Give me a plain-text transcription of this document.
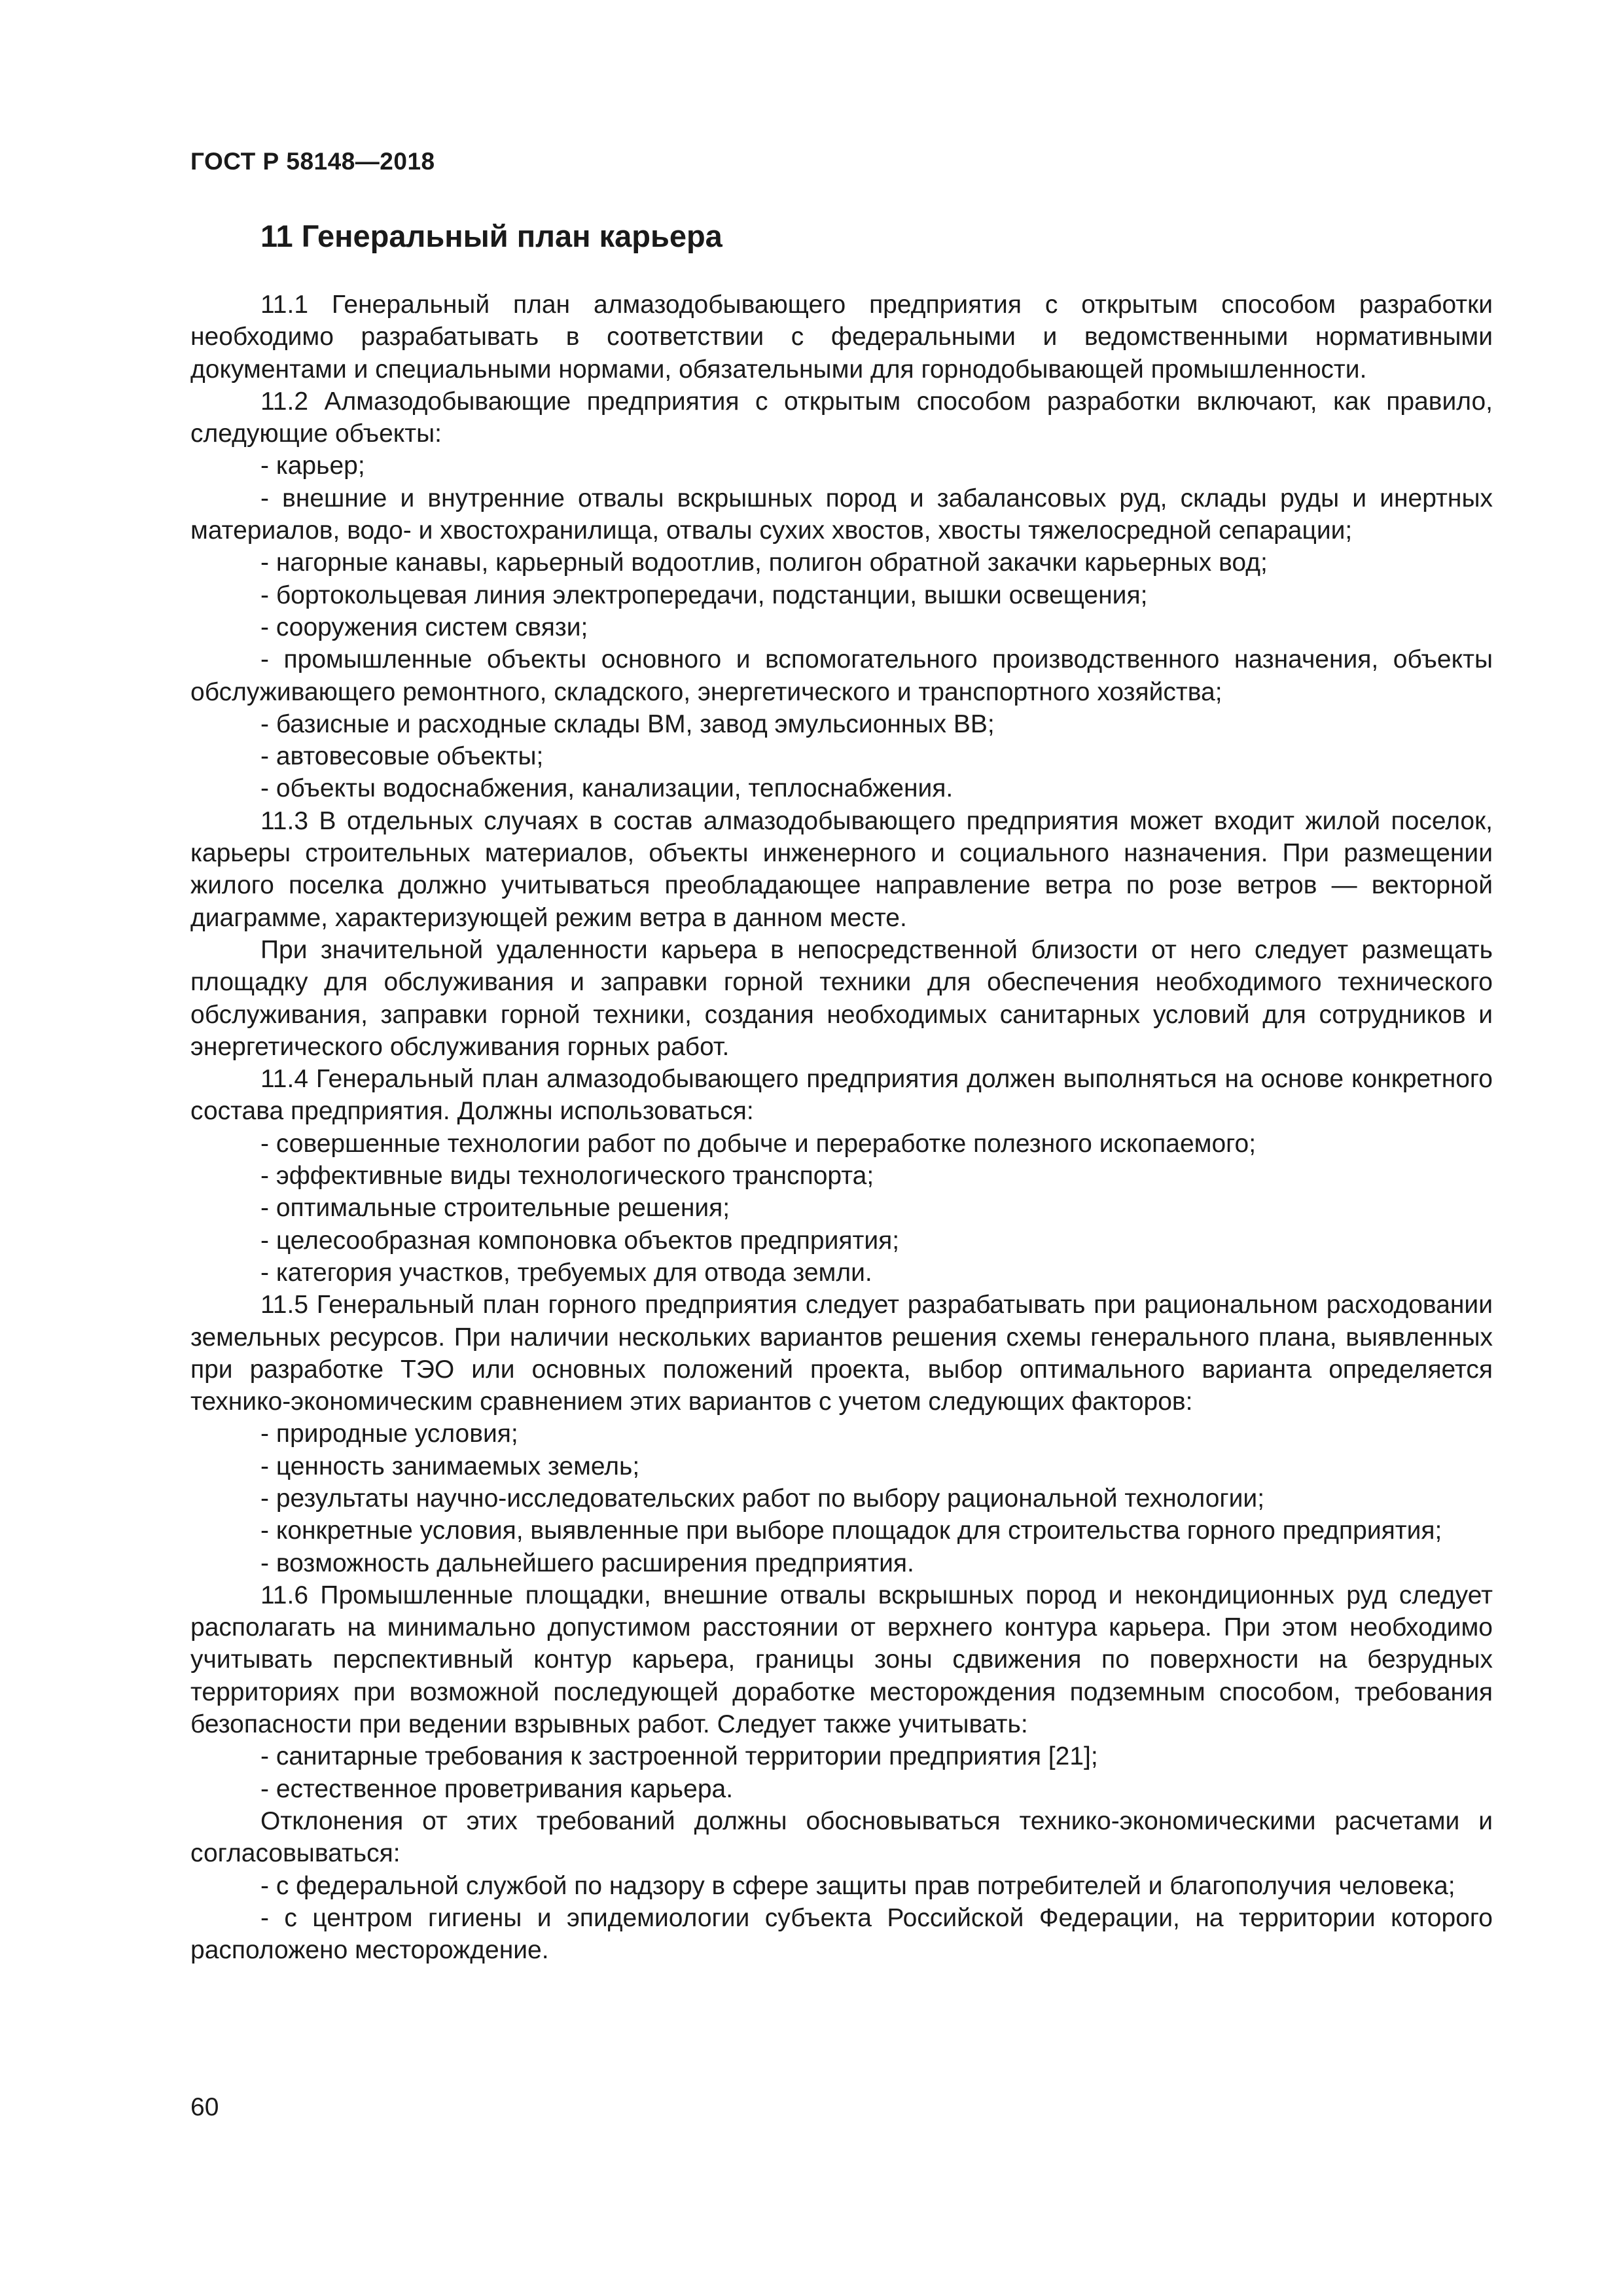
ГОСТ Р 58148—2018
11 Генеральный план карьера

11.1 Генеральный план алмазодобывающего предприятия с открытым способом разработки необходимо разрабатывать в соответствии с федеральными и ведомственными нормативными документами и специальными нормами, обязательными для горнодобывающей промышленности.

11.2 Алмазодобывающие предприятия с открытым способом разработки включают, как правило, следующие объекты:

- карьер;

- внешние и внутренние отвалы вскрышных пород и забалансовых руд, склады руды и инертных материалов, водо- и хвостохранилища, отвалы сухих хвостов, хвосты тяжелосредной сепарации;

- нагорные канавы, карьерный водоотлив, полигон обратной закачки карьерных вод;

- бортокольцевая линия электропередачи, подстанции, вышки освещения;

- сооружения систем связи;

- промышленные объекты основного и вспомогательного производственного назначения, объекты обслуживающего ремонтного, складского, энергетического и транспортного хозяйства;

- базисные и расходные склады ВМ, завод эмульсионных ВВ;

- автовесовые объекты;

- объекты водоснабжения, канализации, теплоснабжения.

11.3 В отдельных случаях в состав алмазодобывающего предприятия может входит жилой поселок, карьеры строительных материалов, объекты инженерного и социального назначения. При размещении жилого поселка должно учитываться преобладающее направление ветра по розе ветров — векторной диаграмме, характеризующей режим ветра в данном месте.

При значительной удаленности карьера в непосредственной близости от него следует размещать площадку для обслуживания и заправки горной техники для обеспечения необходимого технического обслуживания, заправки горной техники, создания необходимых санитарных условий для сотрудников и энергетического обслуживания горных работ.

11.4 Генеральный план алмазодобывающего предприятия должен выполняться на основе конкретного состава предприятия. Должны использоваться:

- совершенные технологии работ по добыче и переработке полезного ископаемого;

- эффективные виды технологического транспорта;

- оптимальные строительные решения;

- целесообразная компоновка объектов предприятия;

- категория участков, требуемых для отвода земли.

11.5 Генеральный план горного предприятия следует разрабатывать при рациональном расходовании земельных ресурсов. При наличии нескольких вариантов решения схемы генерального плана, выявленных при разработке ТЭО или основных положений проекта, выбор оптимального варианта определяется технико-экономическим сравнением этих вариантов с учетом следующих факторов:

- природные условия;

- ценность занимаемых земель;

- результаты научно-исследовательских работ по выбору рациональной технологии;

- конкретные условия, выявленные при выборе площадок для строительства горного предприятия;

- возможность дальнейшего расширения предприятия.

11.6 Промышленные площадки, внешние отвалы вскрышных пород и некондиционных руд следует располагать на минимально допустимом расстоянии от верхнего контура карьера. При этом необходимо учитывать перспективный контур карьера, границы зоны сдвижения по поверхности на безрудных территориях при возможной последующей доработке месторождения подземным способом, требования безопасности при ведении взрывных работ. Следует также учитывать:

- санитарные требования к застроенной территории предприятия [21];

- естественное проветривания карьера.

Отклонения от этих требований должны обосновываться технико-экономическими расчетами и согласовываться:

- с федеральной службой по надзору в сфере защиты прав потребителей и благополучия человека;

- с центром гигиены и эпидемиологии субъекта Российской Федерации, на территории которого расположено месторождение.

60
